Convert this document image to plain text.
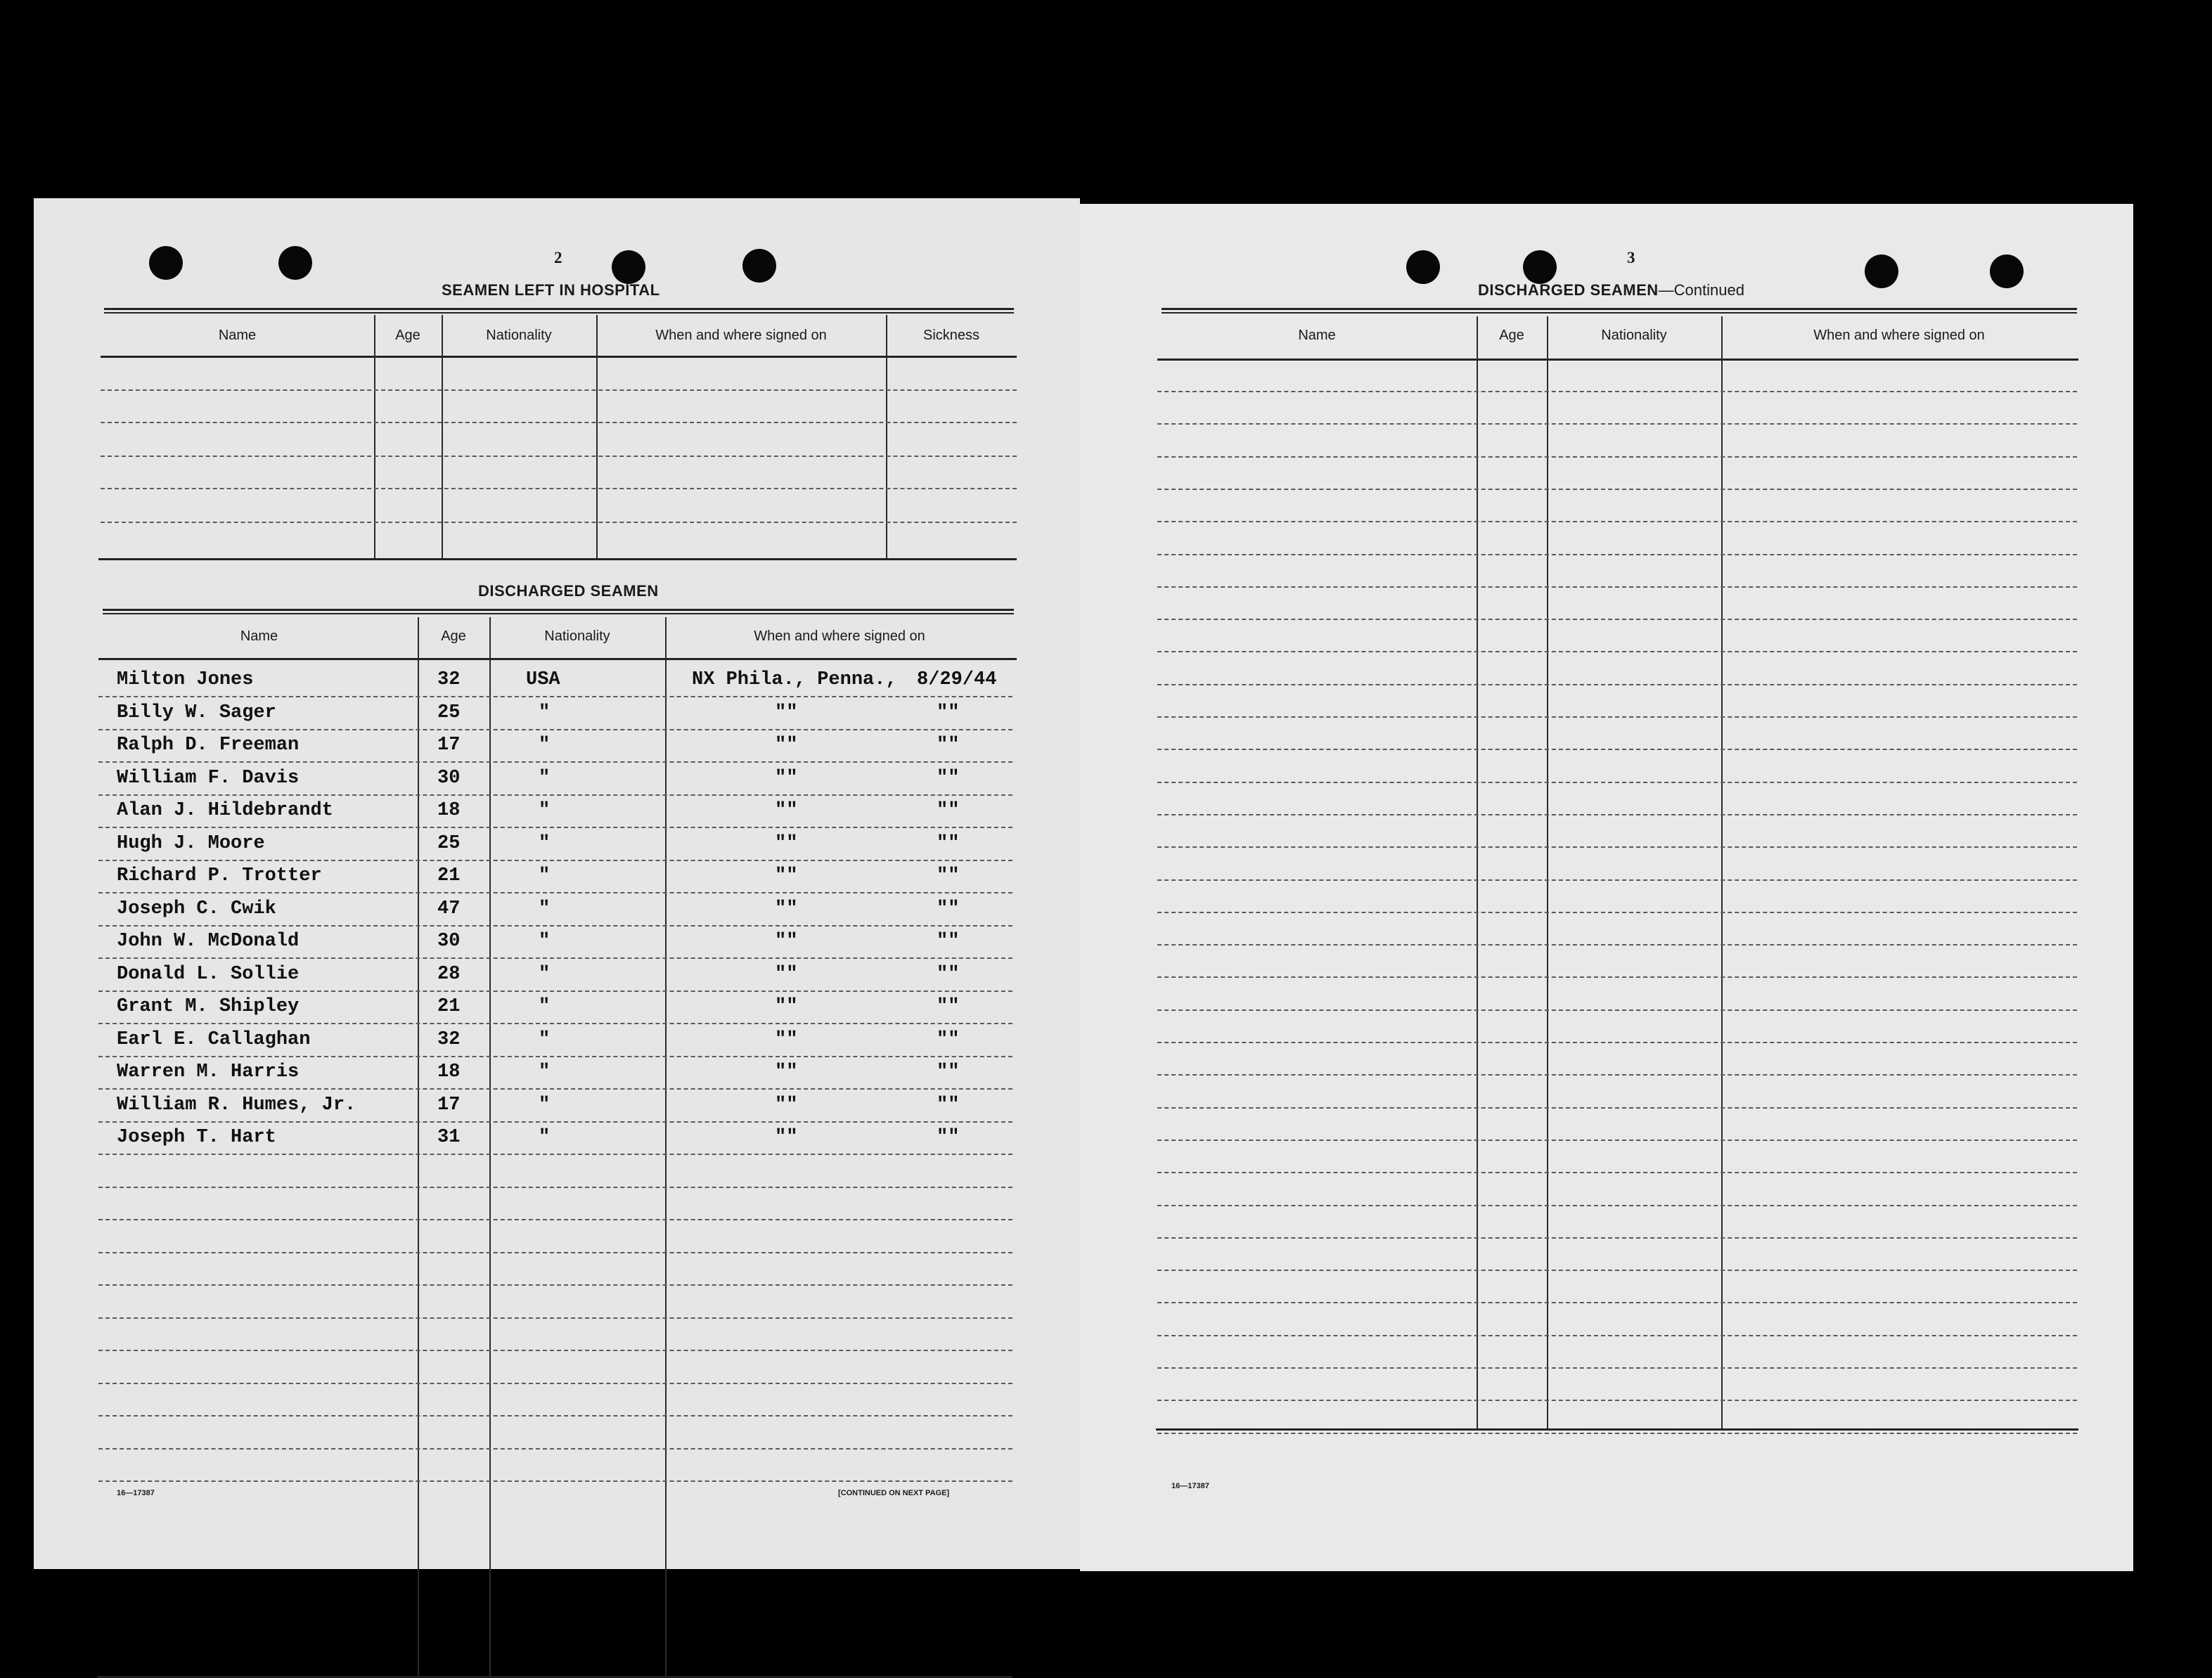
2
SEAMEN LEFT IN HOSPITAL
Name	Age	Nationality	When and where signed on	Sickness
DISCHARGED SEAMEN
Name	Age	Nationality	When and where signed on
Milton Jones	32	USA	NX Phila., Penna., 8/29/44
Billy W. Sager	25	"	""	""
Ralph D. Freeman	17	"	""	""
William F. Davis	30	"	""	""
Alan J. Hildebrandt	18	"	""	""
Hugh J. Moore	25	"	""	""
Richard P. Trotter	21	"	""	""
Joseph C. Cwik	47	"	""	""
John W. McDonald	30	"	""	""
Donald L. Sollie	28	"	""	""
Grant M. Shipley	21	"	""	""
Earl E. Callaghan	32	"	""	""
Warren M. Harris	18	"	""	""
William R. Humes, Jr.	17	"	""	""
Joseph T. Hart	31	"	""	""
16—17387	[CONTINUED ON NEXT PAGE]
3
DISCHARGED SEAMEN—Continued
Name	Age	Nationality	When and where signed on
16—17387
